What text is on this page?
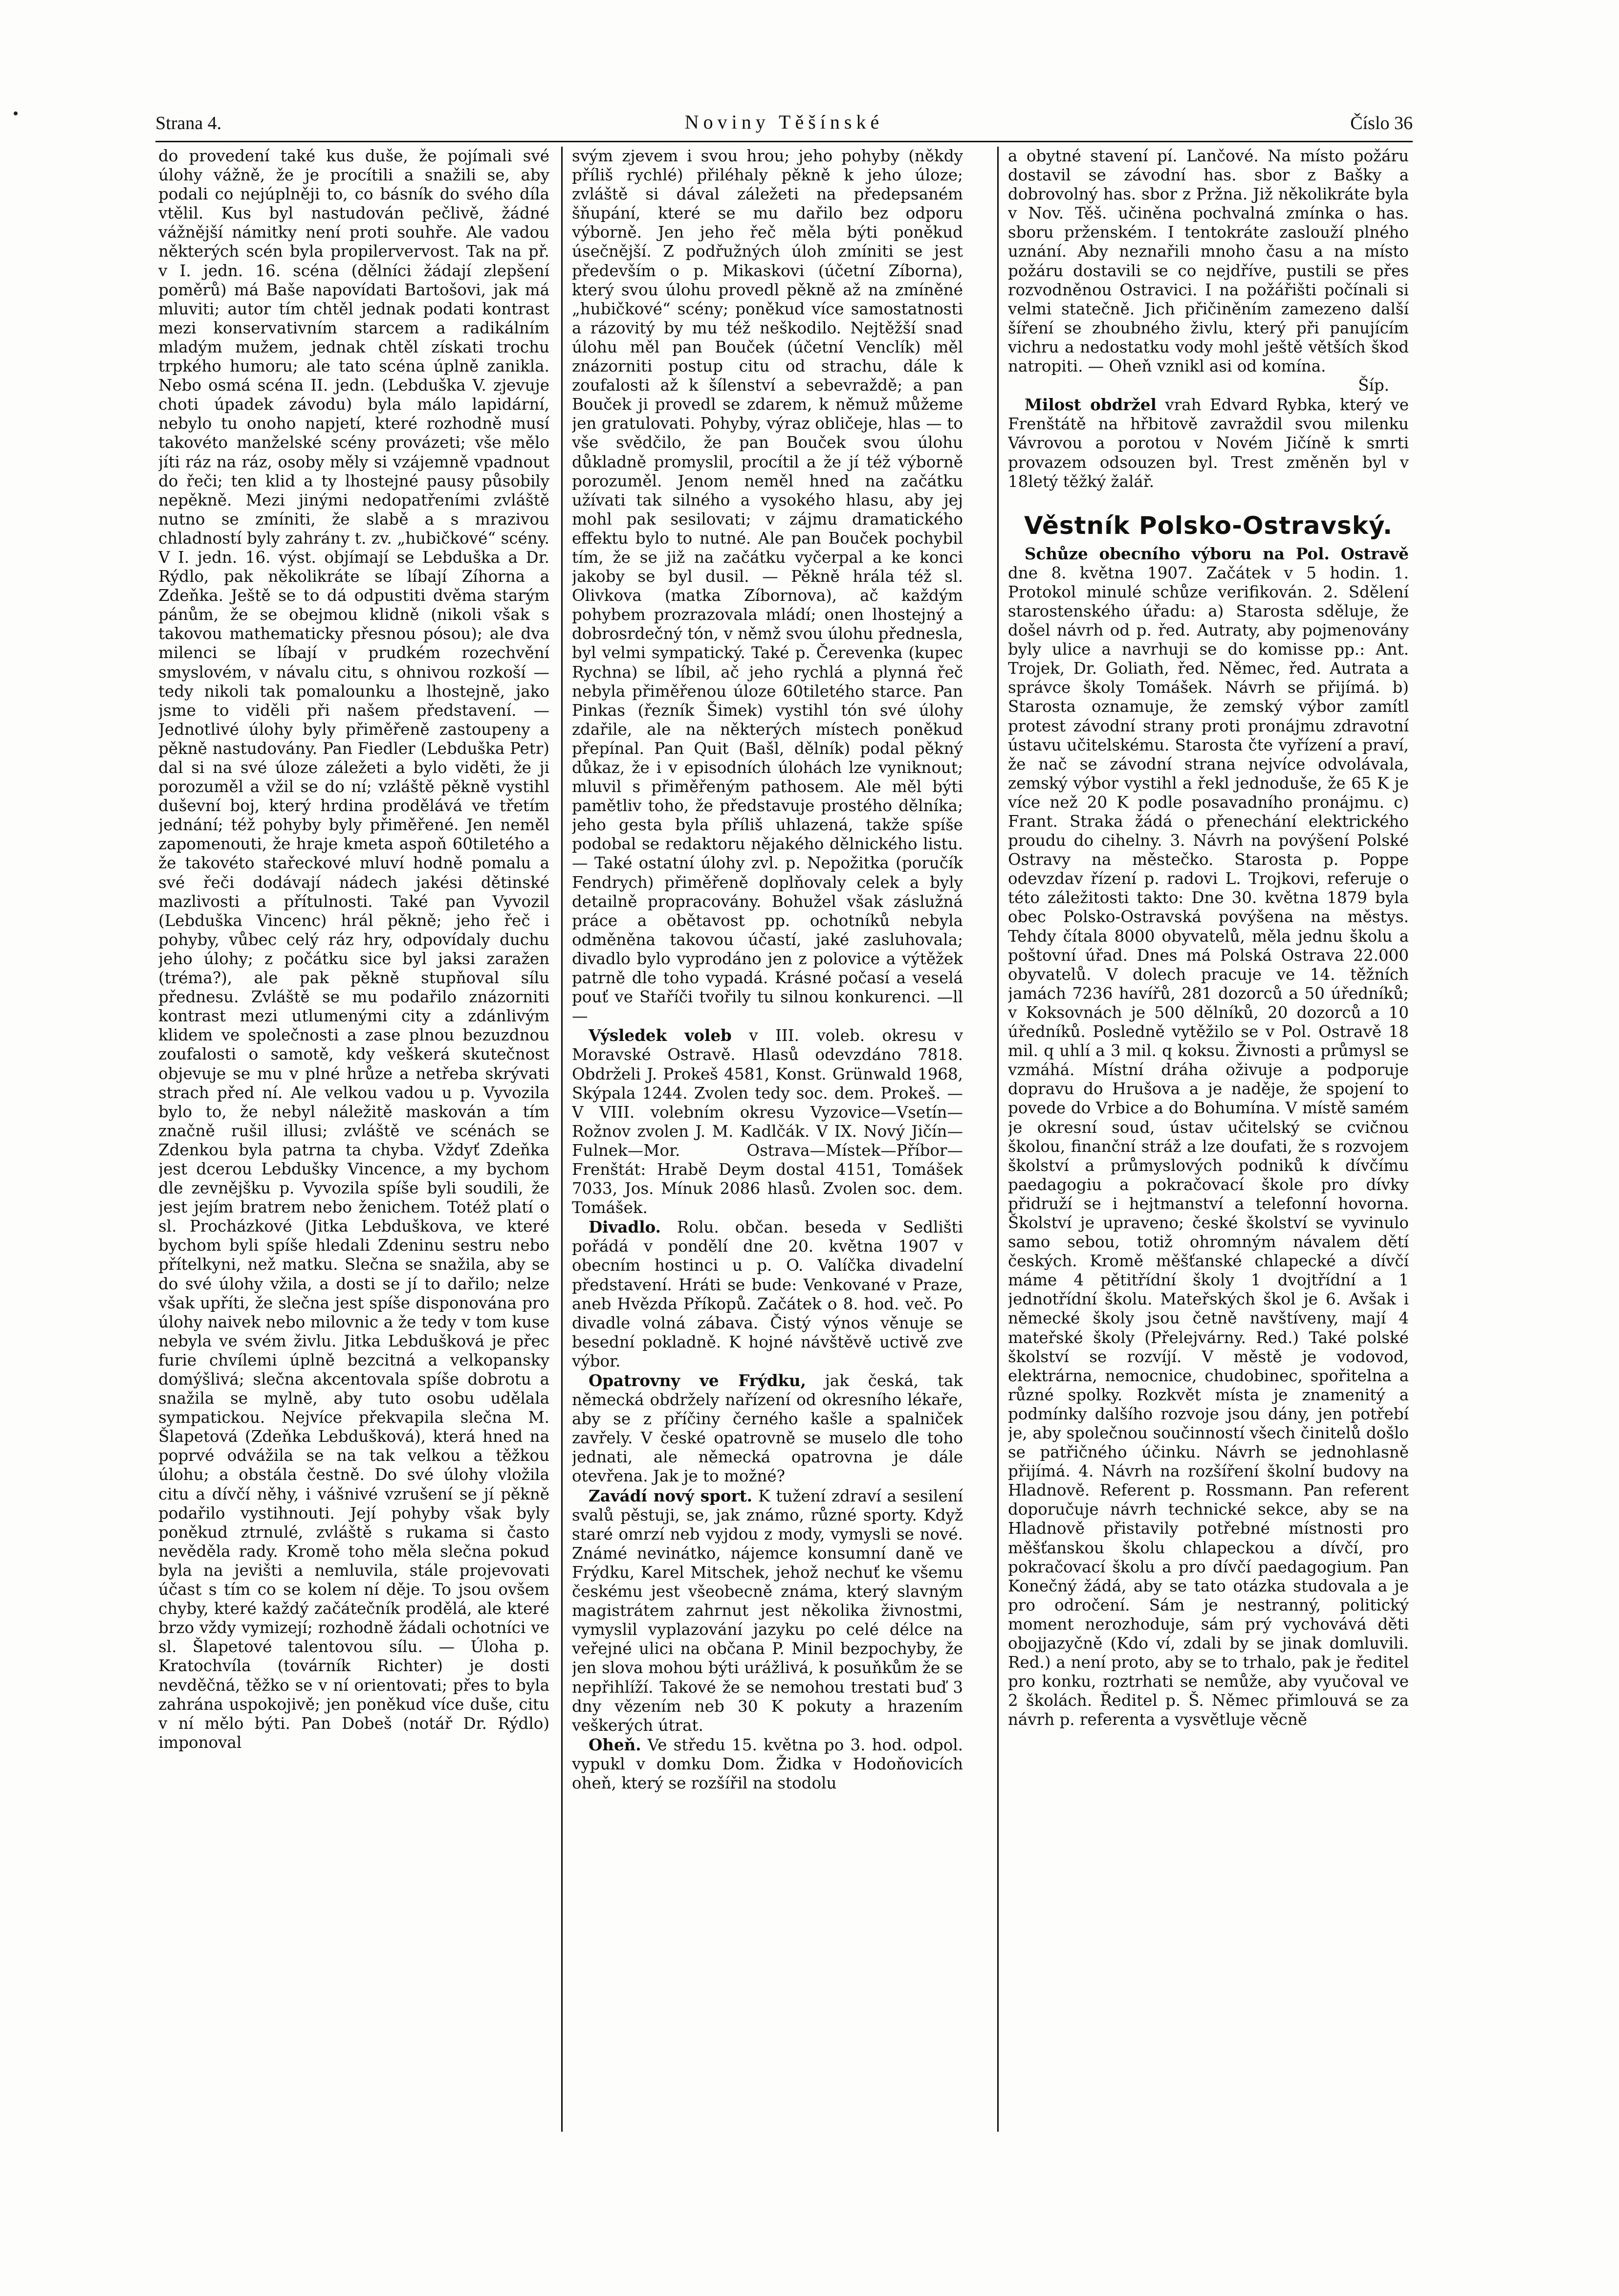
Strana 4.	Noviny Těšínské	Číslo 36

do provedení také kus duše, že pojímali své úlohy vážně, že je procítili a snažili se, aby podali co nejúplněji to, co básník do svého díla vtělil. Kus byl nastudován pečlivě, žádné vážnější námitky není proti souhře. Ale vadou některých scén byla propilervervost. Tak na př. v I. jedn. 16. scéna (dělníci žádají zlepšení poměrů) má Baše napovídati Bartošovi, jak má mluviti; autor tím chtěl jednak podati kontrast mezi konservativním starcem a radikálním mladým mužem, jednak chtěl získati trochu trpkého humoru; ale tato scéna úplně zanikla. Nebo osmá scéna II. jedn. (Lebduška V. zjevuje choti úpadek závodu) byla málo lapidární, nebylo tu onoho napjetí, které rozhodně musí takovéto manželské scény provázeti; vše mělo jíti ráz na ráz, osoby měly si vzájemně vpadnout do řeči; ten klid a ty lhostejné pausy působily nepěkně. Mezi jinými nedopatřeními zvláště nutno se zmíniti, že slabě a s mrazivou chladností byly zahrány t. zv. „hubičkové“ scény. V I. jedn. 16. výst. objímají se Lebduška a Dr. Rýdlo, pak několikráte se líbají Zíhorna a Zdeňka. Ještě se to dá odpustiti dvěma starým pánům, že se obejmou klidně (nikoli však s takovou mathematicky přesnou pósou); ale dva milenci se líbají v prudkém rozechvění smyslovém, v návalu citu, s ohnivou rozkoší — tedy nikoli tak pomalounku a lhostejně, jako jsme to viděli při našem představení. — Jednotlivé úlohy byly přiměřeně zastoupeny a pěkně nastudovány. Pan Fiedler (Lebduška Petr) dal si na své úloze záležeti a bylo viděti, že ji porozuměl a vžil se do ní; vzláště pěkně vystihl duševní boj, který hrdina prodělává ve třetím jednání; též pohyby byly přiměřené. Jen neměl zapomenouti, že hraje kmeta aspoň 60tiletého a že takovéto stařeckové mluví hodně pomalu a své řeči dodávají nádech jakési dětinské mazlivosti a přítulnosti. Také pan Vyvozil (Lebduška Vincenc) hrál pěkně; jeho řeč i pohyby, vůbec celý ráz hry, odpovídaly duchu jeho úlohy; z počátku sice byl jaksi zaražen (tréma?), ale pak pěkně stupňoval sílu přednesu. Zvláště se mu podařilo znázorniti kontrast mezi utlumenými city a zdánlivým klidem ve společnosti a zase plnou bezuzdnou zoufalosti o samotě, kdy veškerá skutečnost objevuje se mu v plné hrůze a netřeba skrývati strach před ní. Ale velkou vadou u p. Vyvozila bylo to, že nebyl náležitě maskován a tím značně rušil illusi; zvláště ve scénách se Zdenkou byla patrna ta chyba. Vždyť Zdeňka jest dcerou Lebdušky Vincence, a my bychom dle zevnějšku p. Vyvozila spíše byli soudili, že jest jejím bratrem nebo ženichem. Totéž platí o sl. Procházkové (Jitka Lebduškova, ve které bychom byli spíše hledali Zdeninu sestru nebo přítelkyni, než matku. Slečna se snažila, aby se do své úlohy vžila, a dosti se jí to dařilo; nelze však upříti, že slečna jest spíše disponována pro úlohy naivek nebo milovnic a že tedy v tom kuse nebyla ve svém živlu. Jitka Lebdušková je přec furie chvílemi úplně bezcitná a velkopansky domýšlivá; slečna akcentovala spíše dobrotu a snažila se mylně, aby tuto osobu udělala sympatickou. Nejvíce překvapila slečna M. Šlapetová (Zdeňka Lebdušková), která hned na poprvé odvážila se na tak velkou a těžkou úlohu; a obstála čestně. Do své úlohy vložila citu a dívčí něhy, i vášnivé vzrušení se jí pěkně podařilo vystihnouti. Její pohyby však byly poněkud ztrnulé, zvláště s rukama si často nevěděla rady. Kromě toho měla slečna pokud byla na jevišti a nemluvila, stále projevovati účast s tím co se kolem ní děje. To jsou ovšem chyby, které každý začátečník prodělá, ale které brzo vždy vymizejí; rozhodně žádali ochotníci ve sl. Šlapetové talentovou sílu. — Úloha p. Kratochvíla (továrník Richter) je dosti nevděčná, těžko se v ní orientovati; přes to byla zahrána uspokojivě; jen poněkud více duše, citu v ní mělo býti. Pan Dobeš (notář Dr. Rýdlo) imponoval

svým zjevem i svou hrou; jeho pohyby (někdy příliš rychlé) přiléhaly pěkně k jeho úloze; zvláště si dával záležeti na předepsaném šňupání, které se mu dařilo bez odporu výborně. Jen jeho řeč měla býti poněkud úsečnější. Z podřužných úloh zmíniti se jest především o p. Mikaskovi (účetní Zíborna), který svou úlohu provedl pěkně až na zmíněné „hubičkové“ scény; poněkud více samostatnosti a rázovitý by mu též neškodilo. Nejtěžší snad úlohu měl pan Bouček (účetní Venclík) měl znázorniti postup citu od strachu, dále k zoufalosti až k šílenství a sebevraždě; a pan Bouček ji provedl se zdarem, k němuž můžeme jen gratulovati. Pohyby, výraz obličeje, hlas — to vše svědčilo, že pan Bouček svou úlohu důkladně promyslil, procítil a že jí též výborně porozuměl. Jenom neměl hned na začátku užívati tak silného a vysokého hlasu, aby jej mohl pak sesilovati; v zájmu dramatického effektu bylo to nutné. Ale pan Bouček pochybil tím, že se již na začátku vyčerpal a ke konci jakoby se byl dusil. — Pěkně hrála též sl. Olivkova (matka Zíbornova), ač každým pohybem prozrazovala mládí; onen lhostejný a dobrosrdečný tón, v němž svou úlohu přednesla, byl velmi sympatický. Také p. Čerevenka (kupec Rychna) se líbil, ač jeho rychlá a plynná řeč nebyla přiměřenou úloze 60tiletého starce. Pan Pinkas (řezník Šimek) vystihl tón své úlohy zdařile, ale na některých místech poněkud přepínal. Pan Quit (Bašl, dělník) podal pěkný důkaz, že i v episodních úlohách lze vyniknout; mluvil s přiměřeným pathosem. Ale měl býti pamětliv toho, že představuje prostého dělníka; jeho gesta byla příliš uhlazená, takže spíše podobal se redaktoru nějakého dělnického listu. — Také ostatní úlohy zvl. p. Nepožitka (poručík Fendrych) přiměřeně doplňovaly celek a byly detailně propracovány. Bohužel však záslužná práce a obětavost pp. ochotníků nebyla odměněna takovou účastí, jaké zasluhovala; divadlo bylo vyprodáno jen z polovice a výtěžek patrně dle toho vypadá. Krásné počasí a veselá pouť ve Staříči tvořily tu silnou konkurenci. —ll—

Výsledek voleb v III. voleb. okresu v Moravské Ostravě. Hlasů odevzdáno 7818. Obdrželi J. Prokeš 4581, Konst. Grünwald 1968, Skýpala 1244. Zvolen tedy soc. dem. Prokeš. — V VIII. volebním okresu Vyzovice—Vsetín—Rožnov zvolen J. M. Kadlčák. V IX. Nový Jičín—Fulnek—Mor. Ostrava—Místek—Příbor—Frenštát: Hrabě Deym dostal 4151, Tomášek 7033, Jos. Mínuk 2086 hlasů. Zvolen soc. dem. Tomášek.

Divadlo. Rolu. občan. beseda v Sedlišti pořádá v pondělí dne 20. května 1907 v obecním hostinci u p. O. Valíčka divadelní představení. Hráti se bude: Venkované v Praze, aneb Hvězda Příkopů. Začátek o 8. hod. več. Po divadle volná zábava. Čistý výnos věnuje se besední pokladně. K hojné návštěvě uctivě zve výbor.

Opatrovny ve Frýdku, jak česká, tak německá obdržely nařízení od okresního lékaře, aby se z příčiny černého kašle a spalniček zavřely. V české opatrovně se muselo dle toho jednati, ale německá opatrovna je dále otevřena. Jak je to možné?

Zavádí nový sport. K tužení zdraví a sesilení svalů pěstuji, se, jak známo, různé sporty. Když staré omrzí neb vyjdou z mody, vymysli se nové. Známé nevinátko, nájemce konsumní daně ve Frýdku, Karel Mitschek, jehož nechuť ke všemu českému jest všeobecně známa, který slavným magistrátem zahrnut jest několika živnostmi, vymyslil vyplazování jazyku po celé délce na veřejné ulici na občana P. Minil bezpochyby, že jen slova mohou býti urážlivá, k posuňkům že se nepřihlíží. Takové že se nemohou trestati buď 3 dny vězením neb 30 K pokuty a hrazením veškerých útrat.

Oheň. Ve středu 15. května po 3. hod. odpol. vypukl v domku Dom. Židka v Hodoňovicích oheň, který se rozšířil na stodolu

a obytné stavení pí. Lančové. Na místo požáru dostavil se závodní has. sbor z Bašky a dobrovolný has. sbor z Pržna. Již několikráte byla v Nov. Těš. učiněna pochvalná zmínka o has. sboru prženském. I tentokráte zaslouží plného uznání. Aby neznařili mnoho času a na místo požáru dostavili se co nejdříve, pustili se přes rozvodněnou Ostravici. I na požářišti počínali si velmi statečně. Jich přičiněním zamezeno další šíření se zhoubného živlu, který při panujícím vichru a nedostatku vody mohl ještě větších škod natropiti. — Oheň vznikl asi od komína.

Šíp.

Milost obdržel vrah Edvard Rybka, který ve Frenštátě na hřbitově zavraždil svou milenku Vávrovou a porotou v Novém Jičíně k smrti provazem odsouzen byl. Trest změněn byl v 18letý těžký žalář.

Věstník Polsko-Ostravský.

Schůze obecního výboru na Pol. Ostravě dne 8. května 1907. Začátek v 5 hodin. 1. Protokol minulé schůze verifikován. 2. Sdělení starostenského úřadu: a) Starosta sděluje, že došel návrh od p. řed. Autraty, aby pojmenovány byly ulice a navrhuji se do komisse pp.: Ant. Trojek, Dr. Goliath, řed. Němec, řed. Autrata a správce školy Tomášek. Návrh se přijímá. b) Starosta oznamuje, že zemský výbor zamítl protest závodní strany proti pronájmu zdravotní ústavu učitelskému. Starosta čte vyřízení a praví, že nač se závodní strana nejvíce odvolávala, zemský výbor vystihl a řekl jednoduše, že 65 K je více než 20 K podle posavadního pronájmu. c) Frant. Straka žádá o přenechání elektrického proudu do cihelny. 3. Návrh na povýšení Polské Ostravy na městečko. Starosta p. Poppe odevzdav řízení p. radovi L. Trojkovi, referuje o této záležitosti takto: Dne 30. května 1879 byla obec Polsko-Ostravská povýšena na městys. Tehdy čítala 8000 obyvatelů, měla jednu školu a poštovní úřad. Dnes má Polská Ostrava 22.000 obyvatelů. V dolech pracuje ve 14. těžních jamách 7236 havířů, 281 dozorců a 50 úředníků; v Koksovnách je 500 dělníků, 20 dozorců a 10 úředníků. Posledně vytěžilo se v Pol. Ostravě 18 mil. q uhlí a 3 mil. q koksu. Živnosti a průmysl se vzmáhá. Místní dráha oživuje a podporuje dopravu do Hrušova a je naděje, že spojení to povede do Vrbice a do Bohumína. V místě samém je okresní soud, ústav učitelský se cvičnou školou, finanční stráž a lze doufati, že s rozvojem školství a průmyslových podniků k dívčímu paedagogiu a pokračovací škole pro dívky přidruží se i hejtmanství a telefonní hovorna. Školství je upraveno; české školství se vyvinulo samo sebou, totiž ohromným návalem dětí českých. Kromě měšťanské chlapecké a dívčí máme 4 pětitřídní školy 1 dvojtřídní a 1 jednotřídní školu. Mateřských škol je 6. Avšak i německé školy jsou četně navštíveny, mají 4 mateřské školy (Přelejvárny. Red.) Také polské školství se rozvíjí. V městě je vodovod, elektrárna, nemocnice, chudobinec, spořitelna a různé spolky. Rozkvět místa je znamenitý a podmínky dalšího rozvoje jsou dány, jen potřebí je, aby společnou součinností všech činitelů došlo se patřičného účinku. Návrh se jednohlasně přijímá. 4. Návrh na rozšíření školní budovy na Hladnově. Referent p. Rossmann. Pan referent doporučuje návrh technické sekce, aby se na Hladnově přistavily potřebné místnosti pro měšťanskou školu chlapeckou a dívčí, pro pokračovací školu a pro dívčí paedagogium. Pan Konečný žádá, aby se tato otázka studovala a je pro odročení. Sám je nestranný, politický moment nerozhoduje, sám prý vychovává děti obojjazyčně (Kdo ví, zdali by se jinak domluvili. Red.) a není proto, aby se to trhalo, pak je ředitel pro konku, roztrhati se nemůže, aby vyučoval ve 2 školách. Ředitel p. Š. Němec přimlouvá se za návrh p. referenta a vysvětluje věcně
